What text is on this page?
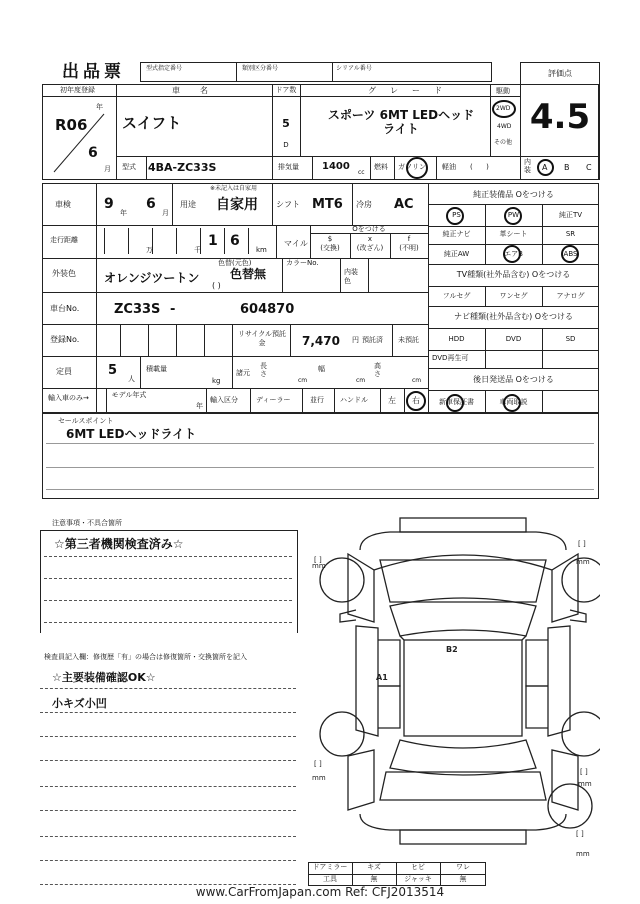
出品票	型式指定番号	類別区分番号	シリアル番号
評価点
4.5
初年度登録
R06
年
6
月
車名
スイフト
ドア数
5
D
グレード
スポーツ 6MT LEDヘッドライト
駆動
2WD
4WD
その他
型式 4BA-ZC33S	排気量 1400
cc
燃料 ガソリン 軽油 (      )
内装	A B C
車検 9
年
6
月
用途
※未記入は自家用
自家用 シフト MT6 冷房 AC
走行距離	1 6
万	千	km
マイル
Oをつける
$
(交換)
x
(改ざん)
f
(不明)
外装色 オレンジツートン
色替(元色)
色替無
( )
カラーNo.
内装色
車台No.	ZC33S -	604870
登録No.
リサイクル預託金	7,470 円 預託済 未預託
定員	5
人
積載量
kg
諸元
長さ
cm
幅
cm
高さ
cm
輸入車のみ→	モデル年式
年
輸入区分	ディーラー	並行 ハンドル	左 右
純正装備品 Oをつける
PS	PW	純正TV
純正ナビ	革シート	SR
純正AW	エアB	ABS
TV種類(社外品含む) Oをつける
フルセグ	ワンセグ	アナログ
ナビ種類(社外品含む) Oをつける
HDD	DVD	SD
DVD再生可
後日発送品 Oをつける
新車保証書	車両取説
セールスポイント
6MT LEDヘッドライト
注意事項・不具合箇所
☆第三者機関検査済み☆
検査員記入欄：修復歴「有」の場合は修復箇所・交換箇所を記入
☆主要装備確認OK☆
小キズ小凹
[ ]
mm
[ ]
mm
[ ]
mm
[ ]
mm
[ ]
mm
A1
B2
ドアミラー	キズ	ヒビ	ワレ
工具	無	ジャッキ	無
www.CarFromJapan.com Ref: CFJ2013514
